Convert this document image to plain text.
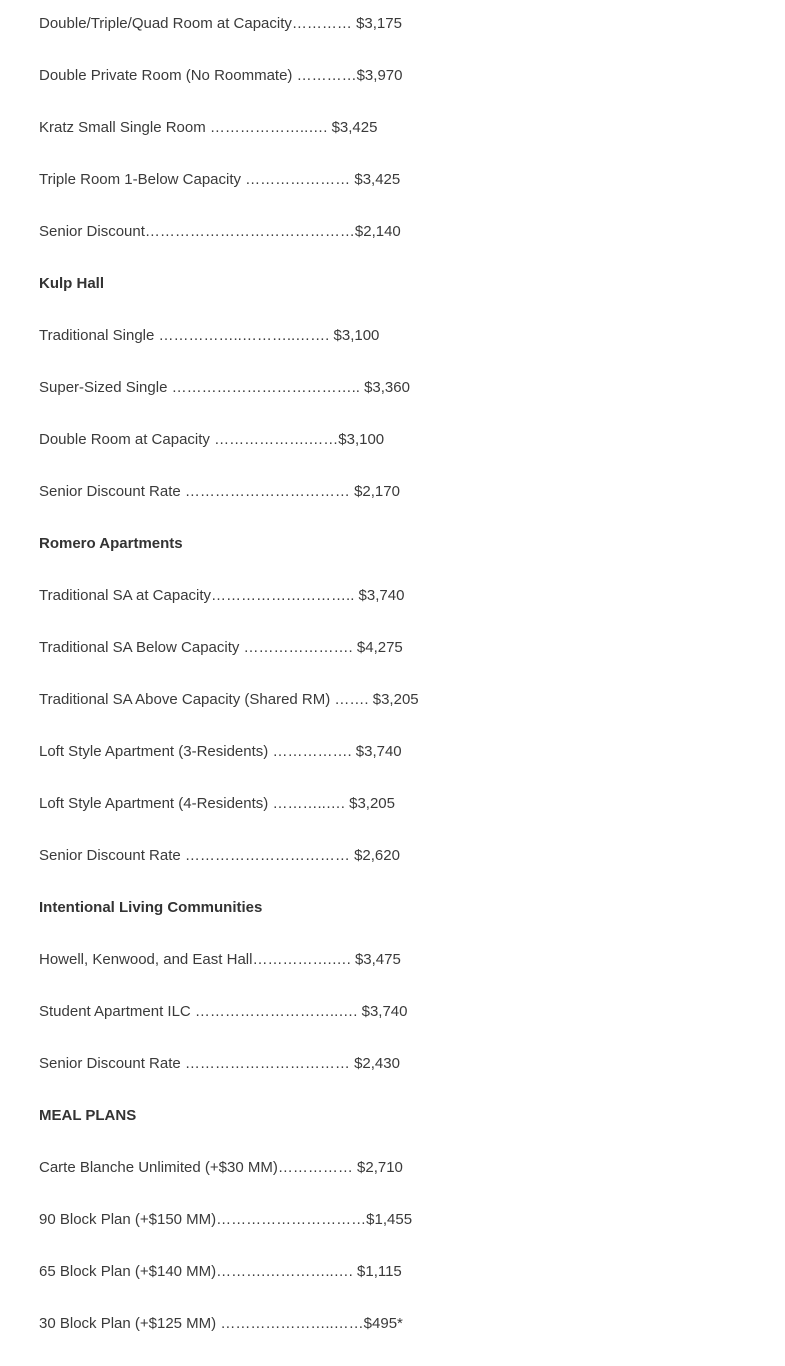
Double/Triple/Quad Room at Capacity………… $3,175
Double Private Room (No Roommate) …………$3,970
Kratz Small Single Room ………………..…. $3,425
Triple Room 1-Below Capacity ………………… $3,425
Senior Discount……………………………………$2,140
Kulp Hall
Traditional Single ……………..………..……. $3,100
Super-Sized Single ……………………………….. $3,360
Double Room at Capacity ……………….……$3,100
Senior Discount Rate …………………………… $2,170
Romero Apartments
Traditional SA at Capacity……………………….. $3,740
Traditional SA Below Capacity …………………. $4,275
Traditional SA Above Capacity (Shared RM) ……. $3,205
Loft Style Apartment (3-Residents) ……………. $3,740
Loft Style Apartment (4-Residents) ………..…. $3,205
Senior Discount Rate …………………………… $2,620
Intentional Living Communities
Howell, Kenwood, and East Hall…………….…. $3,475
Student Apartment ILC ………………………..…. $3,740
Senior Discount Rate …………………………… $2,430
MEAL PLANS
Carte Blanche Unlimited (+$30 MM)…………… $2,710
90 Block Plan (+$150 MM)…………………………$1,455
65 Block Plan (+$140 MM)……….…………..…. $1,115
30 Block Plan (+$125 MM) …………………..……$495*
